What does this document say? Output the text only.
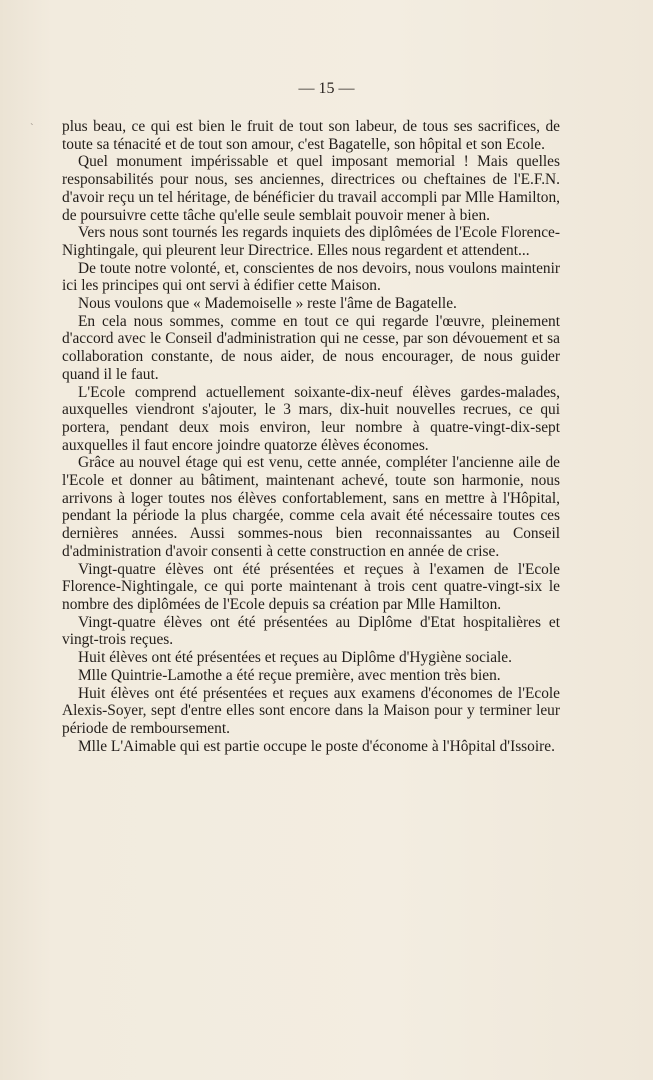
— 15 —
ˋ plus beau, ce qui est bien le fruit de tout son labeur, de tous ses sacrifices, de toute sa ténacité et de tout son amour, c'est Bagatelle, son hôpital et son Ecole.

Quel monument impérissable et quel imposant memorial ! Mais quelles responsabilités pour nous, ses anciennes, directrices ou cheftaines de l'E.F.N. d'avoir reçu un tel héritage, de bénéficier du travail accompli par Mlle Hamilton, de poursuivre cette tâche qu'elle seule semblait pouvoir mener à bien.

Vers nous sont tournés les regards inquiets des diplômées de l'Ecole Florence-Nightingale, qui pleurent leur Directrice. Elles nous regardent et attendent...

De toute notre volonté, et, conscientes de nos devoirs, nous voulons maintenir ici les principes qui ont servi à édifier cette Maison.

Nous voulons que « Mademoiselle » reste l'âme de Bagatelle.

En cela nous sommes, comme en tout ce qui regarde l'œuvre, pleinement d'accord avec le Conseil d'administration qui ne cesse, par son dévouement et sa collaboration constante, de nous aider, de nous encourager, de nous guider quand il le faut.

L'Ecole comprend actuellement soixante-dix-neuf élèves gardes-malades, auxquelles viendront s'ajouter, le 3 mars, dix-huit nouvelles recrues, ce qui portera, pendant deux mois environ, leur nombre à quatre-vingt-dix-sept auxquelles il faut encore joindre quatorze élèves économes.

Grâce au nouvel étage qui est venu, cette année, compléter l'ancienne aile de l'Ecole et donner au bâtiment, maintenant achevé, toute son harmonie, nous arrivons à loger toutes nos élèves confortablement, sans en mettre à l'Hôpital, pendant la période la plus chargée, comme cela avait été nécessaire toutes ces dernières années. Aussi sommes-nous bien reconnaissantes au Conseil d'administration d'avoir consenti à cette construction en année de crise.

Vingt-quatre élèves ont été présentées et reçues à l'examen de l'Ecole Florence-Nightingale, ce qui porte maintenant à trois cent quatre-vingt-six le nombre des diplômées de l'Ecole depuis sa création par Mlle Hamilton.

Vingt-quatre élèves ont été présentées au Diplôme d'Etat hospitalières et vingt-trois reçues.

Huit élèves ont été présentées et reçues au Diplôme d'Hygiène sociale.

Mlle Quintrie-Lamothe a été reçue première, avec mention très bien.

Huit élèves ont été présentées et reçues aux examens d'économes de l'Ecole Alexis-Soyer, sept d'entre elles sont encore dans la Maison pour y terminer leur période de remboursement.

Mlle L'Aimable qui est partie occupe le poste d'économe à l'Hôpital d'Issoire.
